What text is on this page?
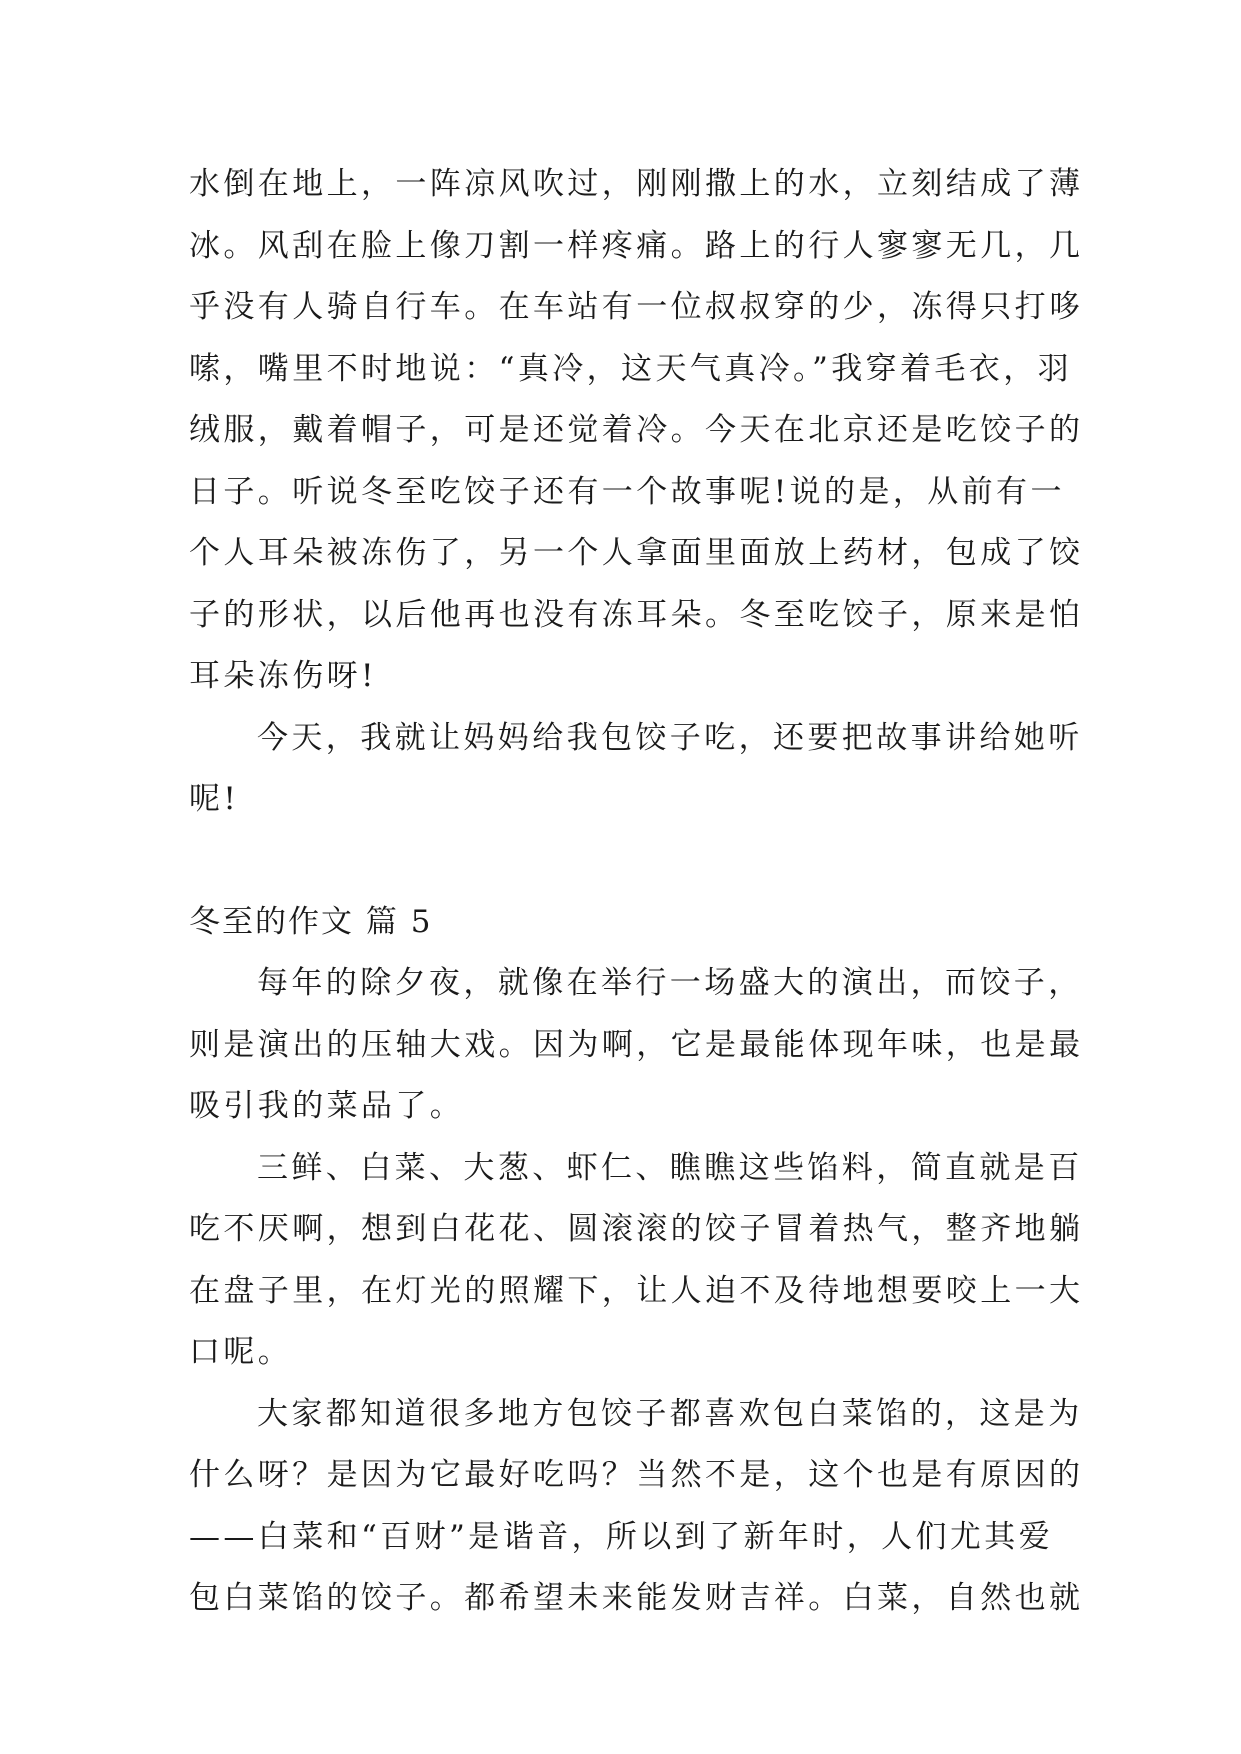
水倒在地上，一阵凉风吹过，刚刚撒上的水，立刻结成了薄
冰。风刮在脸上像刀割一样疼痛。路上的行人寥寥无几，几
乎没有人骑自行车。在车站有一位叔叔穿的少，冻得只打哆
嗦，嘴里不时地说：“真冷，这天气真冷。”我穿着毛衣，羽
绒服，戴着帽子，可是还觉着冷。今天在北京还是吃饺子的
日子。听说冬至吃饺子还有一个故事呢!说的是，从前有一
个人耳朵被冻伤了，另一个人拿面里面放上药材，包成了饺
子的形状，以后他再也没有冻耳朵。冬至吃饺子，原来是怕
耳朵冻伤呀!
今天，我就让妈妈给我包饺子吃，还要把故事讲给她听
呢!
冬至的作文 篇 5
每年的除夕夜，就像在举行一场盛大的演出，而饺子，
则是演出的压轴大戏。因为啊，它是最能体现年味，也是最
吸引我的菜品了。
三鲜、白菜、大葱、虾仁、瞧瞧这些馅料，简直就是百
吃不厌啊，想到白花花、圆滚滚的饺子冒着热气，整齐地躺
在盘子里，在灯光的照耀下，让人迫不及待地想要咬上一大
口呢。
大家都知道很多地方包饺子都喜欢包白菜馅的，这是为
什么呀？是因为它最好吃吗？当然不是，这个也是有原因的
——白菜和“百财”是谐音，所以到了新年时，人们尤其爱
包白菜馅的饺子。都希望未来能发财吉祥。白菜，自然也就
